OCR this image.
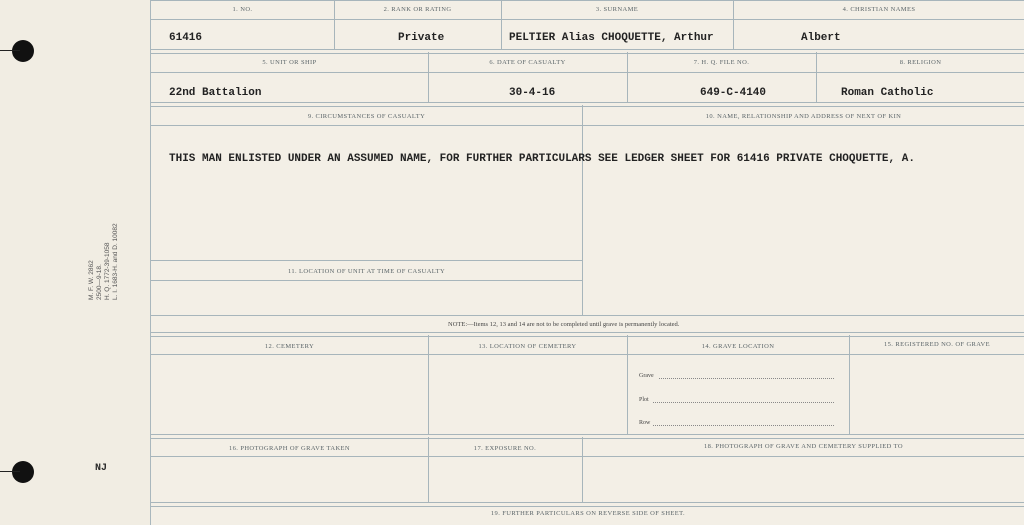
M. F. W. 2862 2500—9-18. H. Q. 1772-39-1058 L. I. 1683-H. and D. 10082
NJ
1. NO.	2. RANK OR RATING	3. SURNAME	4. CHRISTIAN NAMES
61416	Private	PELTIER Alias CHOQUETTE, Arthur	Albert
5. UNIT OR SHIP	6. DATE OF CASUALTY	7. H. Q. FILE NO.	8. RELIGION
22nd Battalion	30-4-16	649-C-4140	Roman Catholic
9. CIRCUMSTANCES OF CASUALTY	10. NAME, RELATIONSHIP AND ADDRESS OF NEXT OF KIN
THIS MAN ENLISTED UNDER AN ASSUMED NAME, FOR FURTHER PARTICULARS SEE LEDGER SHEET FOR 61416 PRIVATE CHOQUETTE, A.
11. LOCATION OF UNIT AT TIME OF CASUALTY
NOTE:—Items 12, 13 and 14 are not to be completed until grave is permanently located.
12. CEMETERY	13. LOCATION OF CEMETERY	14. GRAVE LOCATION	15. REGISTERED NO. OF GRAVE
Grave
Plot
Row
16. PHOTOGRAPH OF GRAVE TAKEN	17. EXPOSURE NO.	18. PHOTOGRAPH OF GRAVE AND CEMETERY SUPPLIED TO
19. FURTHER PARTICULARS ON REVERSE SIDE OF SHEET.
